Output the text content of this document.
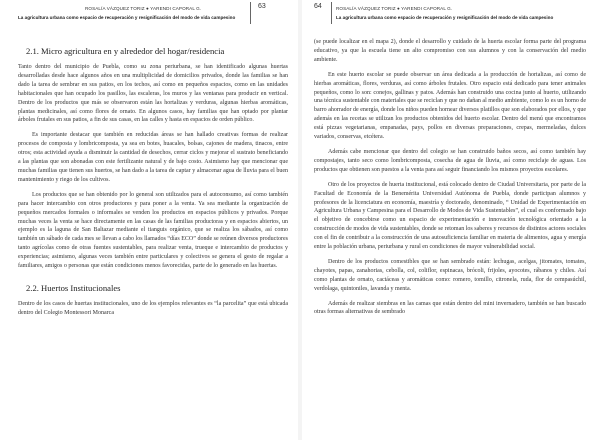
La agricultura urbana como espacio de recuperación y resignificación del modo de vida campesino
ROSALÍA VÁZQUEZ TORIZ ● YARENDI CAPORAL G.	63
2.1. Micro agricultura en y alrededor del hogar/residencia

Tanto dentro del municipio de Puebla, como su zona periurbana, se han identificado algunas huertas desarrolladas desde hace algunos años en una multiplicidad de domicilios privados, donde las familias se han dado la tarea de sembrar en sus patios, en los techos, así como en pequeños espacios, como en las unidades habitacionales que han ocupado los pasillos, las escaleras, los muros y las ventanas para producir en vertical. Dentro de los productos que más se observaron están las hortalizas y verduras, algunas hierbas aromáticas, plantas medicinales, así como flores de ornato. En algunos casos, hay familias que han optado por plantar árboles frutales en sus patios, a fin de sus casas, en las calles y hasta en espacios de orden público.

Es importante destacar que también en reducidas áreas se han hallado creativas formas de realizar procesos de composta y lombricomposta, ya sea en botes, huacales, bolsas, cajones de madera, tinacos, entre otros; esta actividad ayuda a disminuir la cantidad de desechos, cerrar ciclos y mejorar el sustrato beneficiando a las plantas que son abonadas con este fertilizante natural y de bajo costo. Asimismo hay que mencionar que muchas familias que tienen sus huertos, se han dado a la tarea de captar y almacenar agua de lluvia para el buen mantenimiento y riego de los cultivos.

Los productos que se han obtenido por lo general son utilizados para el autoconsumo, así como también para hacer intercambio con otros productores y para poner a la venta. Ya sea mediante la organización de pequeños mercados formales o informales se venden los productos en espacios públicos y privados. Porque muchas veces la venta se hace directamente en las casas de las familias productoras y en espacios abiertos, un ejemplo es la laguna de San Baltazar mediante el tianguis orgánico, que se realiza los sábados, así como también un sábado de cada mes se llevan a cabo los llamados “días ECO” donde se reúnen diversos productores tanto agrícolas como de otras fuentes sustentables, para realizar venta, trueque e intercambio de productos y experiencias; asimismo, algunas veces también entre particulares y colectivos se genera el gesto de regalar a familiares, amigos o personas que están condiciones menos favorecidas, parte de lo generado en las huertas.

2.2. Huertos Institucionales

Dentro de los casos de huertas institucionales, uno de los ejemplos relevantes es “la parcelita” que está ubicada dentro del Colegio Montessori Monarca

64	ROSALÍA VÁZQUEZ TORIZ ● YARENDI CAPORAL G.
La agricultura urbana como espacio de recuperación y resignificación del modo de vida campesino

(se puede localizar en el mapa 2), donde el desarrollo y cuidado de la huerta escolar forma parte del programa educativo, ya que la escuela tiene un alto compromiso con sus alumnos y con la conservación del medio ambiente.

En este huerto escolar se puede observar un área dedicada a la producción de hortalizas, así como de hierbas aromáticas, flores, verduras, así como árboles frutales. Otro espacio está dedicado para tener animales pequeños, como lo son: conejos, gallinas y patos. Además han construido una cocina junto al huerto, utilizando una técnica sustentable con materiales que se reciclan y que no dañan al medio ambiente, como lo es un horno de barro ahorrador de energía, donde los niños pueden hornear diversos platillos que son elaborados por ellos, y que además en las recetas se utilizan los productos obtenidos del huerto escolar. Dentro del menú que encontramos está pizzas vegetarianas, empanadas, pays, pollos en diversas preparaciones, crepas, mermeladas, dulces variados, conservas, etcétera.

Además cabe mencionar que dentro del colegio se han construido baños secos, así como también hay compostajes, tanto seco como lombricomposta, cosecha de agua de lluvia, así como reciclaje de aguas. Los productos que obtienen son puestos a la venta para así seguir financiando los mismos proyectos escolares.

Otro de los proyectos de huerta institucional, está colocado dentro de Ciudad Universitaria, por parte de la Facultad de Economía de la Benemérita Universidad Autónoma de Puebla, donde participan alumnos y profesores de la licenciatura en economía, maestría y doctorado, denominado, “ Unidad de Experimentación en Agricultura Urbana y Campesina para el Desarrollo de Modos de Vida Sustentables”, el cual es conformado bajo el objetivo de concebirse como un espacio de experimentación e innovación tecnológica orientado a la construcción de modos de vida sustentables, donde se retoman los saberes y recursos de distintos actores sociales con el fin de contribuir a la construcción de una autosuficiencia familiar en materia de alimentos, agua y energía entre la población urbana, periurbana y rural en condiciones de mayor vulnerabilidad social.

Dentro de los productos comestibles que se han sembrado están: lechugas, acelgas, jitomates, tomates, chayotes, papas, zanahorias, cebolla, col, coliflor, espinacas, brócoli, frijoles, ayocotes, rábanos y chiles. Así como plantas de ornato, cactáceas y aromáticas como: romero, tomillo, citronela, ruda, flor de cempasúchil, verdolaga, quintoniles, lavanda y menta.

Además de realizar siembras en las camas que están dentro del mini invernadero, también se han buscado otras formas alternativas de sembrado
